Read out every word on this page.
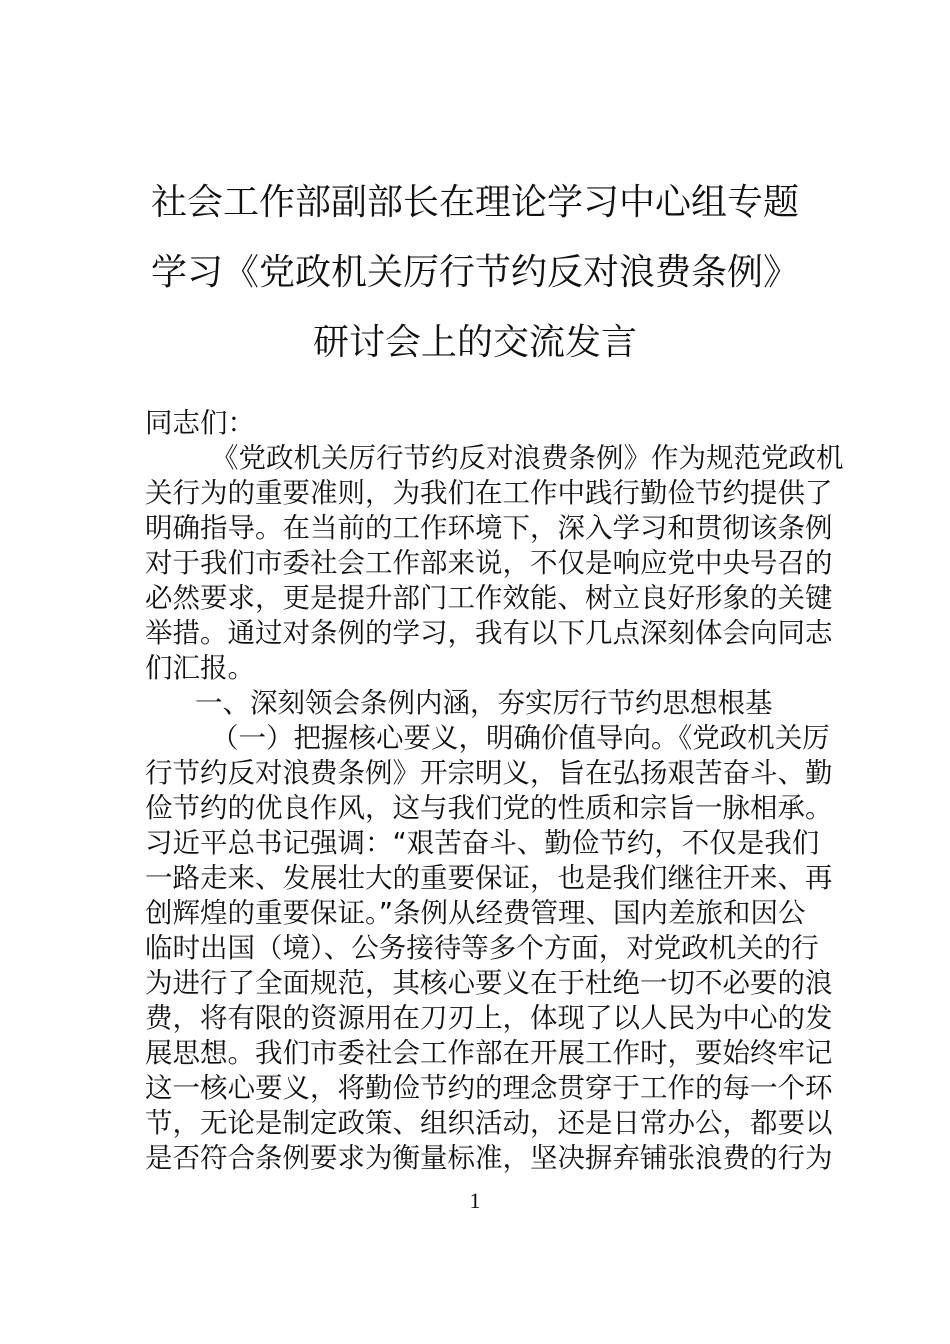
社会工作部副部长在理论学习中心组专题
学习《党政机关厉行节约反对浪费条例》
研讨会上的交流发言
同志们：
《党政机关厉行节约反对浪费条例》作为规范党政机
关行为的重要准则，为我们在工作中践行勤俭节约提供了
明确指导。在当前的工作环境下，深入学习和贯彻该条例
对于我们市委社会工作部来说，不仅是响应党中央号召的
必然要求，更是提升部门工作效能、树立良好形象的关键
举措。通过对条例的学习，我有以下几点深刻体会向同志
们汇报。
一、深刻领会条例内涵，夯实厉行节约思想根基
（一）把握核心要义，明确价值导向。《党政机关厉
行节约反对浪费条例》开宗明义，旨在弘扬艰苦奋斗、勤
俭节约的优良作风，这与我们党的性质和宗旨一脉相承。
习近平总书记强调：“艰苦奋斗、勤俭节约，不仅是我们
一路走来、发展壮大的重要保证，也是我们继往开来、再
创辉煌的重要保证。”条例从经费管理、国内差旅和因公
临时出国（境）、公务接待等多个方面，对党政机关的行
为进行了全面规范，其核心要义在于杜绝一切不必要的浪
费，将有限的资源用在刀刃上，体现了以人民为中心的发
展思想。我们市委社会工作部在开展工作时，要始终牢记
这一核心要义，将勤俭节约的理念贯穿于工作的每一个环
节，无论是制定政策、组织活动，还是日常办公，都要以
是否符合条例要求为衡量标准，坚决摒弃铺张浪费的行为
1
